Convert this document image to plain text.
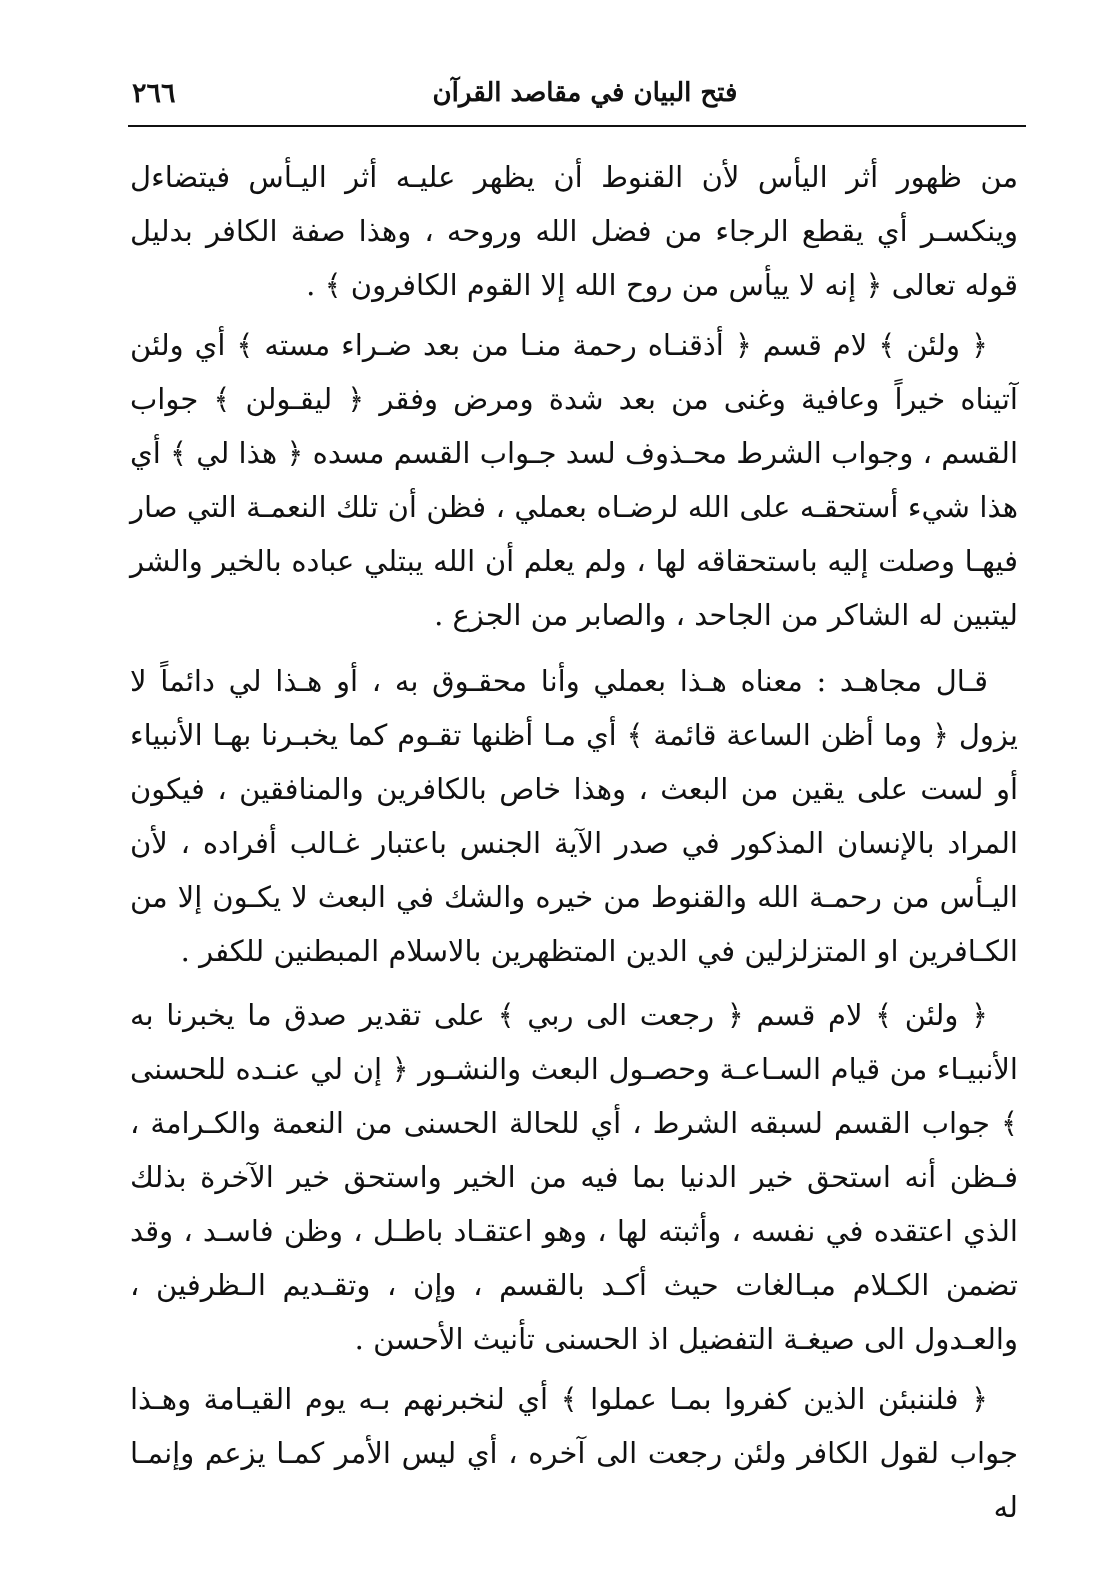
٢٦٦	فتح البيان في مقاصد القرآن

من ظهور أثر اليأس لأن القنوط أن يظهر عليـه أثر اليـأس فيتضاءل وينكسـر أي يقطع الرجاء من فضل الله وروحه ، وهذا صفة الكافر بدليل قوله تعالى ﴿ إنه لا ييأس من روح الله إلا القوم الكافرون ﴾ .

﴿ ولئن ﴾ لام قسم ﴿ أذقنـاه رحمة منـا من بعد ضـراء مسته ﴾ أي ولئن آتيناه خيراً وعافية وغنى من بعد شدة ومرض وفقر ﴿ ليقـولن ﴾ جواب القسم ، وجواب الشرط محـذوف لسد جـواب القسم مسده ﴿ هذا لي ﴾ أي هذا شيء أستحقـه على الله لرضـاه بعملي ، فظن أن تلك النعمـة التي صار فيهـا وصلت إليه باستحقاقه لها ، ولم يعلم أن الله يبتلي عباده بالخير والشر ليتبين له الشاكر من الجاحد ، والصابر من الجزع .

قـال مجاهـد : معناه هـذا بعملي وأنا محقـوق به ، أو هـذا لي دائماً لا يزول ﴿ وما أظن الساعة قائمة ﴾ أي مـا أظنها تقـوم كما يخبـرنا بهـا الأنبياء أو لست على يقين من البعث ، وهذا خاص بالكافرين والمنافقين ، فيكون المراد بالإنسان المذكور في صدر الآية الجنس باعتبار غـالب أفراده ، لأن اليـأس من رحمـة الله والقنوط من خيره والشك في البعث لا يكـون إلا من الكـافرين او المتزلزلين في الدين المتظهرين بالاسلام المبطنين للكفر .

﴿ ولئن ﴾ لام قسم ﴿ رجعت الى ربي ﴾ على تقدير صدق ما يخبرنا به الأنبيـاء من قيام السـاعـة وحصـول البعث والنشـور ﴿ إن لي عنـده للحسنى ﴾ جواب القسم لسبقه الشرط ، أي للحالة الحسنى من النعمة والكـرامة ، فـظن أنه استحق خير الدنيا بما فيه من الخير واستحق خير الآخرة بذلك الذي اعتقده في نفسه ، وأثبته لها ، وهو اعتقـاد باطـل ، وظن فاسـد ، وقد تضمن الكـلام مبـالغات حيث أكـد بالقسم ، وإن ، وتقـديم الـظرفين ، والعـدول الى صيغـة التفضيل اذ الحسنى تأنيث الأحسن .

﴿ فلننبئن الذين كفروا بمـا عملوا ﴾ أي لنخبرنهم بـه يوم القيـامة وهـذا جواب لقول الكافر ولئن رجعت الى آخره ، أي ليس الأمر كمـا يزعم وإنمـا له
